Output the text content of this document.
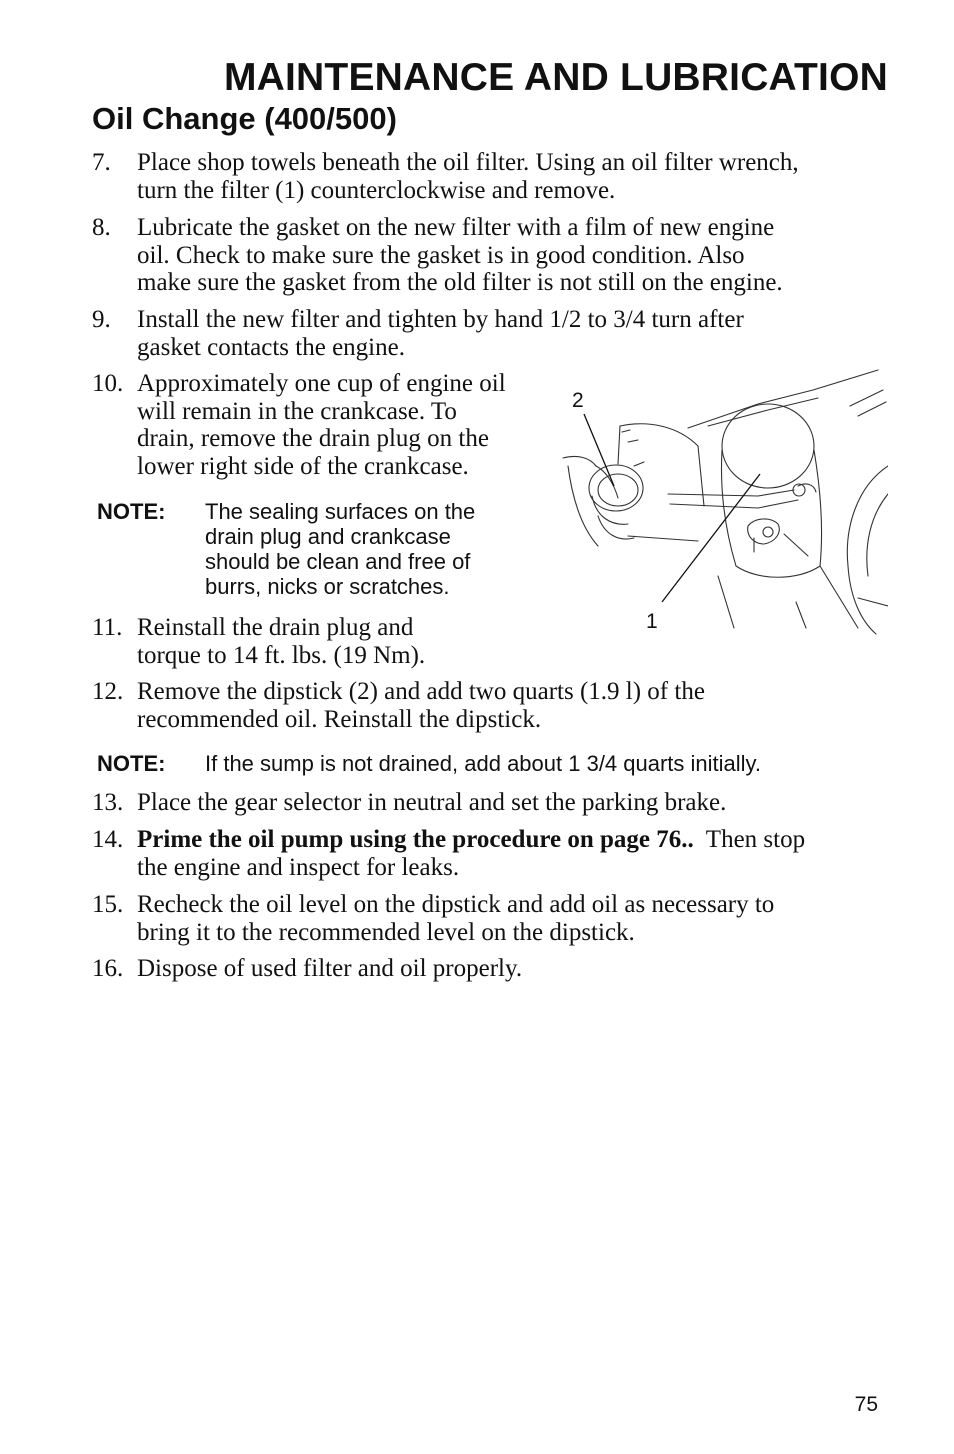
MAINTENANCE AND LUBRICATION
Oil Change (400/500)
7. Place shop towels beneath the oil filter. Using an oil filter wrench,
turn the filter (1) counterclockwise and remove.
8. Lubricate the gasket on the new filter with a film of new engine
oil. Check to make sure the gasket is in good condition. Also
make sure the gasket from the old filter is not still on the engine.
9. Install the new filter and tighten by hand 1/2 to 3/4 turn after
gasket contacts the engine.
10. Approximately one cup of engine oil
will remain in the crankcase. To
drain, remove the drain plug on the
lower right side of the crankcase.
NOTE: The sealing surfaces on the
drain plug and crankcase
should be clean and free of
burrs, nicks or scratches.
11. Reinstall the drain plug and
torque to 14 ft. lbs. (19 Nm).
12. Remove the dipstick (2) and add two quarts (1.9 l) of the
recommended oil. Reinstall the dipstick.
NOTE: If the sump is not drained, add about 1 3/4 quarts initially.
13. Place the gear selector in neutral and set the parking brake.
14. Prime the oil pump using the procedure on page 76..  Then stop
the engine and inspect for leaks.
15. Recheck the oil level on the dipstick and add oil as necessary to
bring it to the recommended level on the dipstick.
16. Dispose of used filter and oil properly.
2
1
75
